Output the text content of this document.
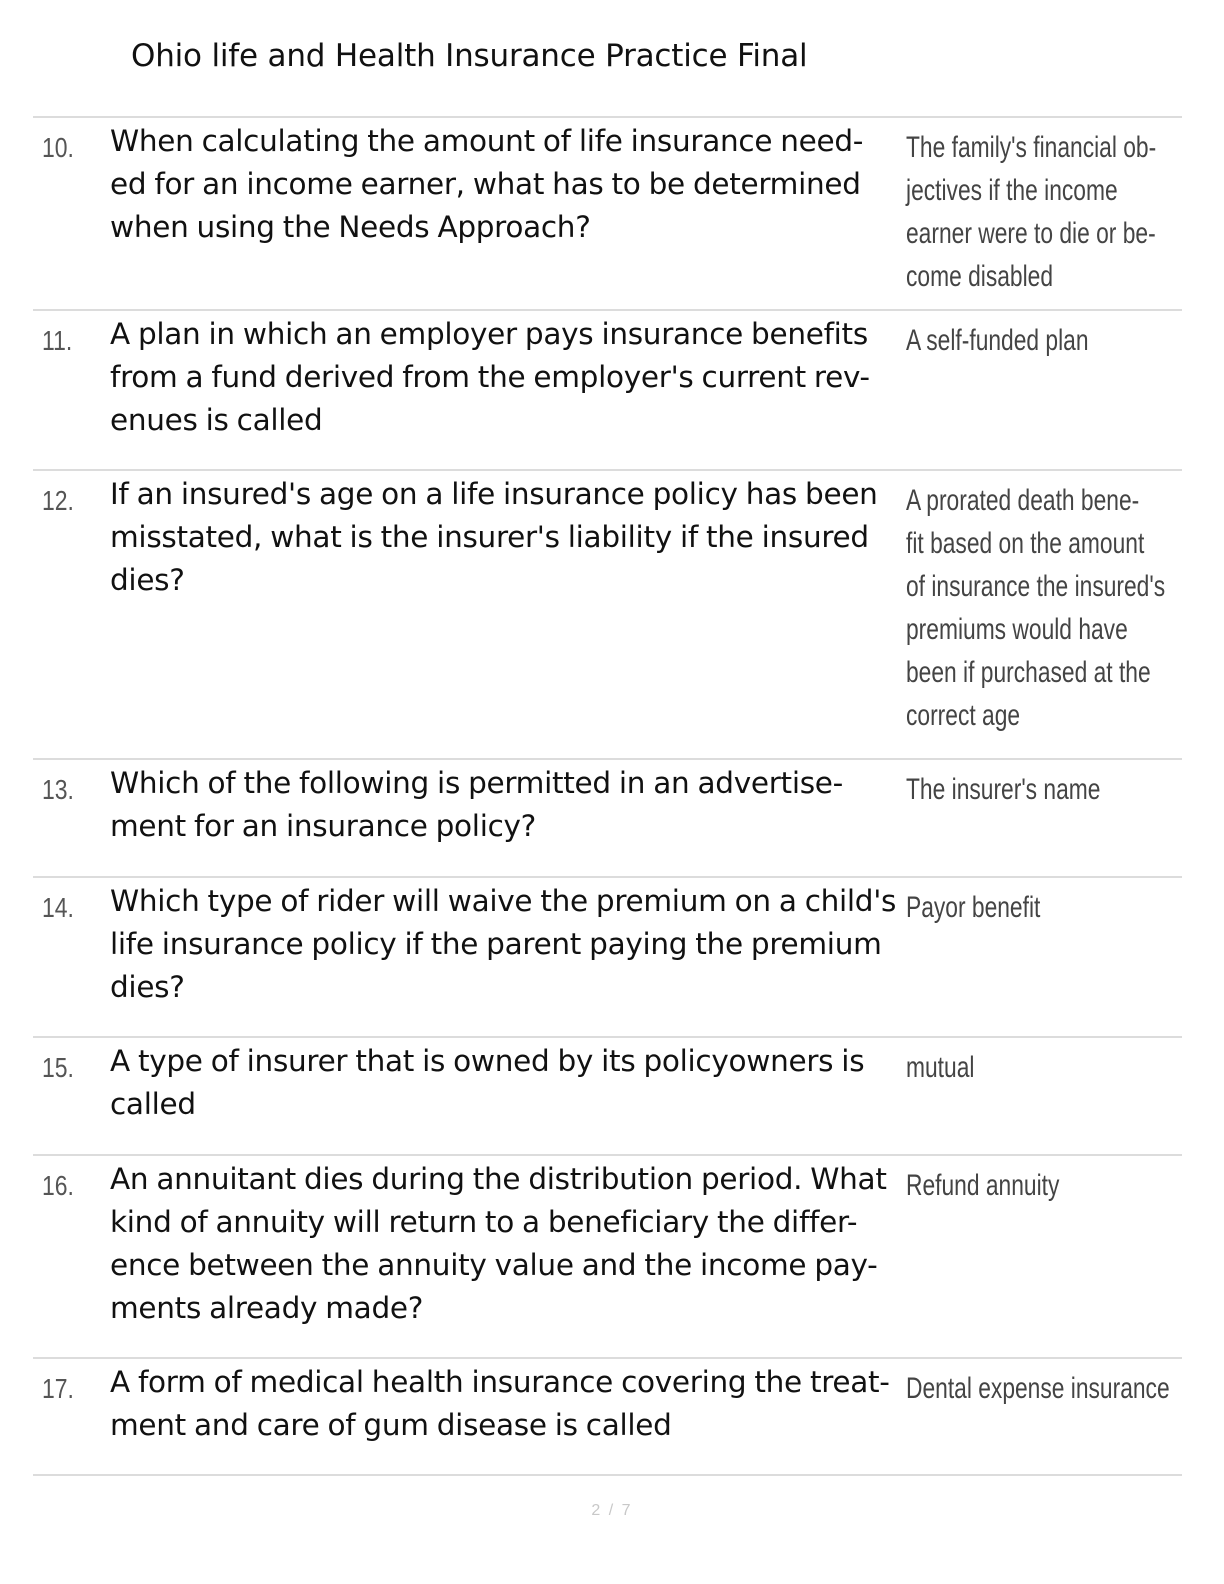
Ohio life and Health Insurance Practice Final
10. When calculating the amount of life insurance need-
ed for an income earner, what has to be determined
when using the Needs Approach?
The family's financial ob-
jectives if the income
earner were to die or be-
come disabled
11. A plan in which an employer pays insurance benefits
from a fund derived from the employer's current rev-
enues is called
A self-funded plan
12. If an insured's age on a life insurance policy has been
misstated, what is the insurer's liability if the insured
dies?
A prorated death bene-
fit based on the amount
of insurance the insured's
premiums would have
been if purchased at the
correct age
13. Which of the following is permitted in an advertise-
ment for an insurance policy?
The insurer's name
14. Which type of rider will waive the premium on a child's
life insurance policy if the parent paying the premium
dies?
Payor benefit
15. A type of insurer that is owned by its policyowners is
called
mutual
16. An annuitant dies during the distribution period. What
kind of annuity will return to a beneficiary the differ-
ence between the annuity value and the income pay-
ments already made?
Refund annuity
17. A form of medical health insurance covering the treat-
ment and care of gum disease is called
Dental expense insurance
2 / 7
